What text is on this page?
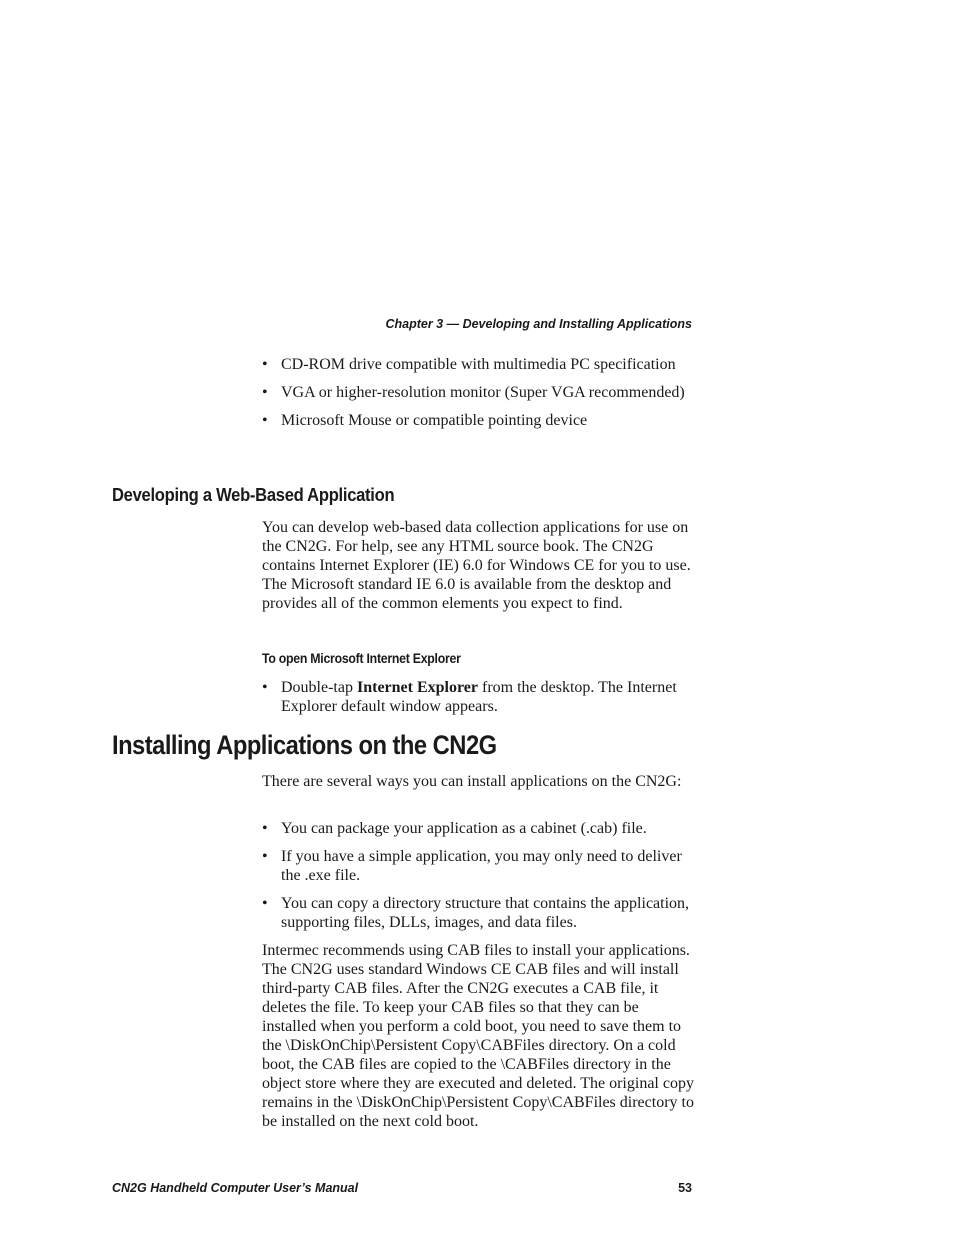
Chapter 3 — Developing and Installing Applications
• CD-ROM drive compatible with multimedia PC specification
• VGA or higher-resolution monitor (Super VGA recommended)
• Microsoft Mouse or compatible pointing device
Developing a Web-Based Application

You can develop web-based data collection applications for use on the CN2G. For help, see any HTML source book. The CN2G contains Internet Explorer (IE) 6.0 for Windows CE for you to use. The Microsoft standard IE 6.0 is available from the desktop and provides all of the common elements you expect to find.

To open Microsoft Internet Explorer
• Double-tap Internet Explorer from the desktop. The Internet Explorer default window appears.
Installing Applications on the CN2G

There are several ways you can install applications on the CN2G:

• You can package your application as a cabinet (.cab) file.
• If you have a simple application, you may only need to deliver the .exe file.
• You can copy a directory structure that contains the application, supporting files, DLLs, images, and data files.

Intermec recommends using CAB files to install your applications. The CN2G uses standard Windows CE CAB files and will install third-party CAB files. After the CN2G executes a CAB file, it deletes the file. To keep your CAB files so that they can be installed when you perform a cold boot, you need to save them to the \DiskOnChip\Persistent Copy\CABFiles directory. On a cold boot, the CAB files are copied to the \CABFiles directory in the object store where they are executed and deleted. The original copy remains in the \DiskOnChip\Persistent Copy\CABFiles directory to be installed on the next cold boot.

CN2G Handheld Computer User’s Manual	53
